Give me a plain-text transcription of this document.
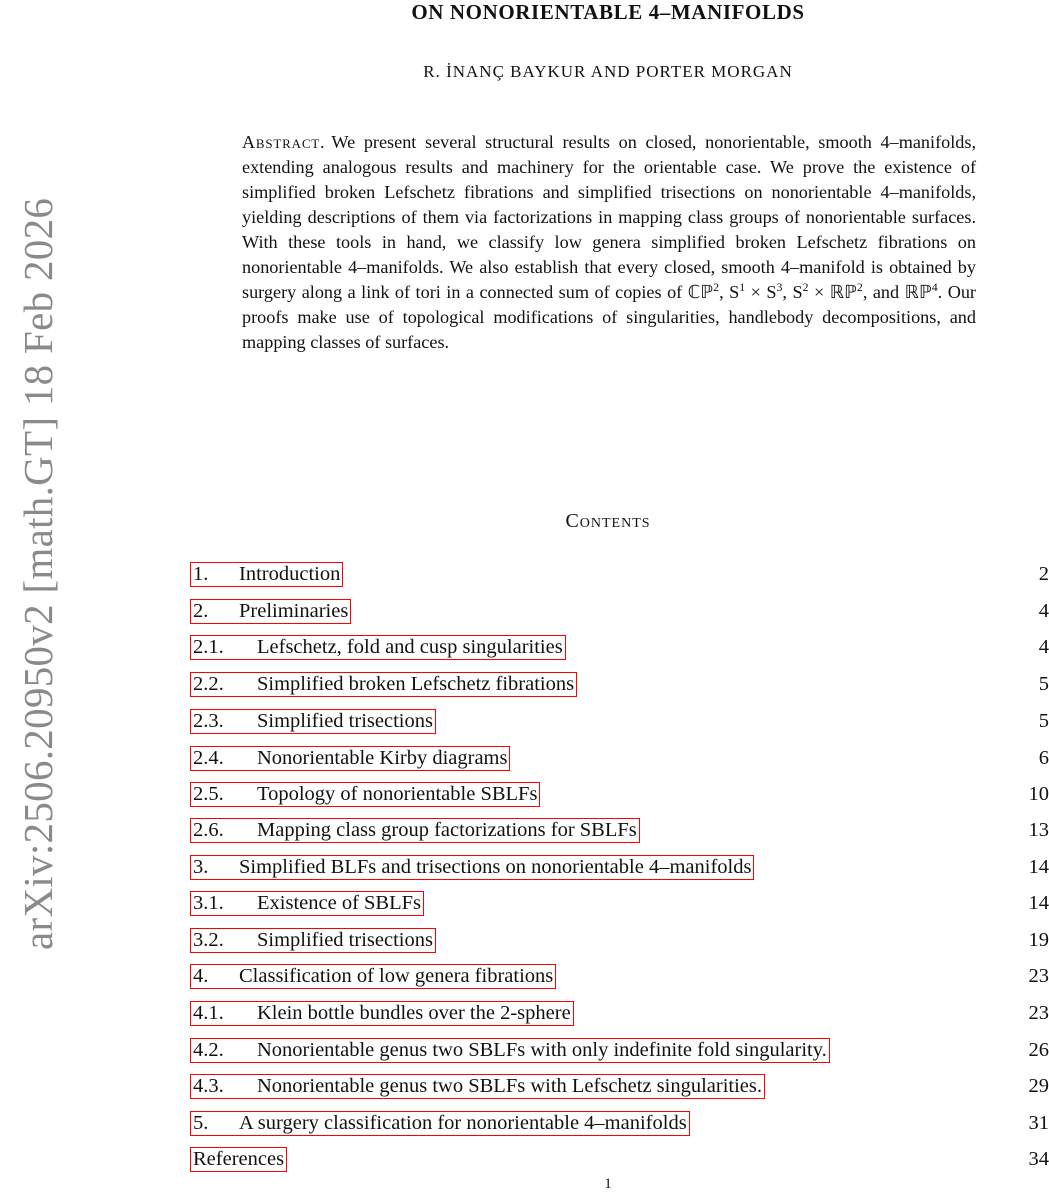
arXiv:2506.20950v2 [math.GT] 18 Feb 2026
ON NONORIENTABLE 4–MANIFOLDS
R. İNANÇ BAYKUR AND PORTER MORGAN
Abstract. We present several structural results on closed, nonorientable, smooth 4–manifolds, extending analogous results and machinery for the orientable case. We prove the existence of simplified broken Lefschetz fibrations and simplified trisections on nonorientable 4–manifolds, yielding descriptions of them via factorizations in mapping class groups of nonorientable surfaces. With these tools in hand, we classify low genera simplified broken Lefschetz fibrations on nonorientable 4–manifolds. We also establish that every closed, smooth 4–manifold is obtained by surgery along a link of tori in a connected sum of copies of ℂℙ$^2$, $S^1 \times S^3$, $S^2$ × ℝℙ$^2$, and ℝℙ$^4$. Our proofs make use of topological modifications of singularities, handlebody decompositions, and mapping classes of surfaces.
Contents
1. Introduction	2
2. Preliminaries	4
2.1. Lefschetz, fold and cusp singularities	4
2.2. Simplified broken Lefschetz fibrations	5
2.3. Simplified trisections	5
2.4. Nonorientable Kirby diagrams	6
2.5. Topology of nonorientable SBLFs	10
2.6. Mapping class group factorizations for SBLFs	13
3. Simplified BLFs and trisections on nonorientable 4–manifolds	14
3.1. Existence of SBLFs	14
3.2. Simplified trisections	19
4. Classification of low genera fibrations	23
4.1. Klein bottle bundles over the 2-sphere	23
4.2. Nonorientable genus two SBLFs with only indefinite fold singularity.	26
4.3. Nonorientable genus two SBLFs with Lefschetz singularities.	29
5. A surgery classification for nonorientable 4–manifolds	31
References	34
1
